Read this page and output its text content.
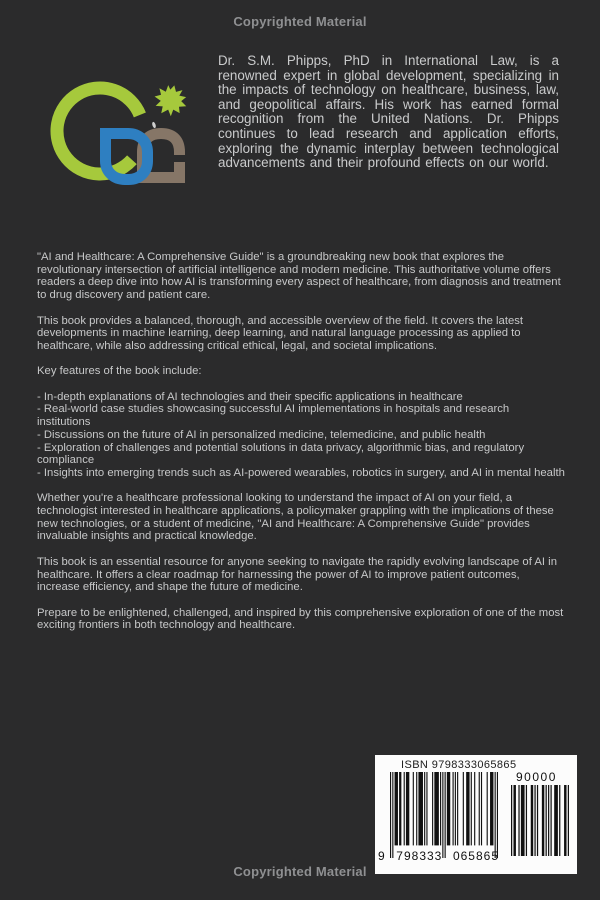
Copyrighted Material
Dr. S.M. Phipps, PhD in International Law, is a renowned expert in global development, specializing in the impacts of technology on healthcare, business, law, and geopolitical affairs. His work has earned formal recognition from the United Nations. Dr. Phipps continues to lead research and application efforts, exploring the dynamic interplay between technological advancements and their profound effects on our world.

"AI and Healthcare: A Comprehensive Guide" is a groundbreaking new book that explores the revolutionary intersection of artificial intelligence and modern medicine. This authoritative volume offers readers a deep dive into how AI is transforming every aspect of healthcare, from diagnosis and treatment to drug discovery and patient care.

This book provides a balanced, thorough, and accessible overview of the field. It covers the latest developments in machine learning, deep learning, and natural language processing as applied to healthcare, while also addressing critical ethical, legal, and societal implications.

Key features of the book include:

- In-depth explanations of AI technologies and their specific applications in healthcare
- Real-world case studies showcasing successful AI implementations in hospitals and research institutions
- Discussions on the future of AI in personalized medicine, telemedicine, and public health
- Exploration of challenges and potential solutions in data privacy, algorithmic bias, and regulatory compliance
- Insights into emerging trends such as AI-powered wearables, robotics in surgery, and AI in mental health

Whether you're a healthcare professional looking to understand the impact of AI on your field, a technologist interested in healthcare applications, a policymaker grappling with the implications of these new technologies, or a student of medicine, "AI and Healthcare: A Comprehensive Guide" provides invaluable insights and practical knowledge.

This book is an essential resource for anyone seeking to navigate the rapidly evolving landscape of AI in healthcare. It offers a clear roadmap for harnessing the power of AI to improve patient outcomes, increase efficiency, and shape the future of medicine.

Prepare to be enlightened, challenged, and inspired by this comprehensive exploration of one of the most exciting frontiers in both technology and healthcare.

ISBN 9798333065865
9 798333 065865
90000
Copyrighted Material
